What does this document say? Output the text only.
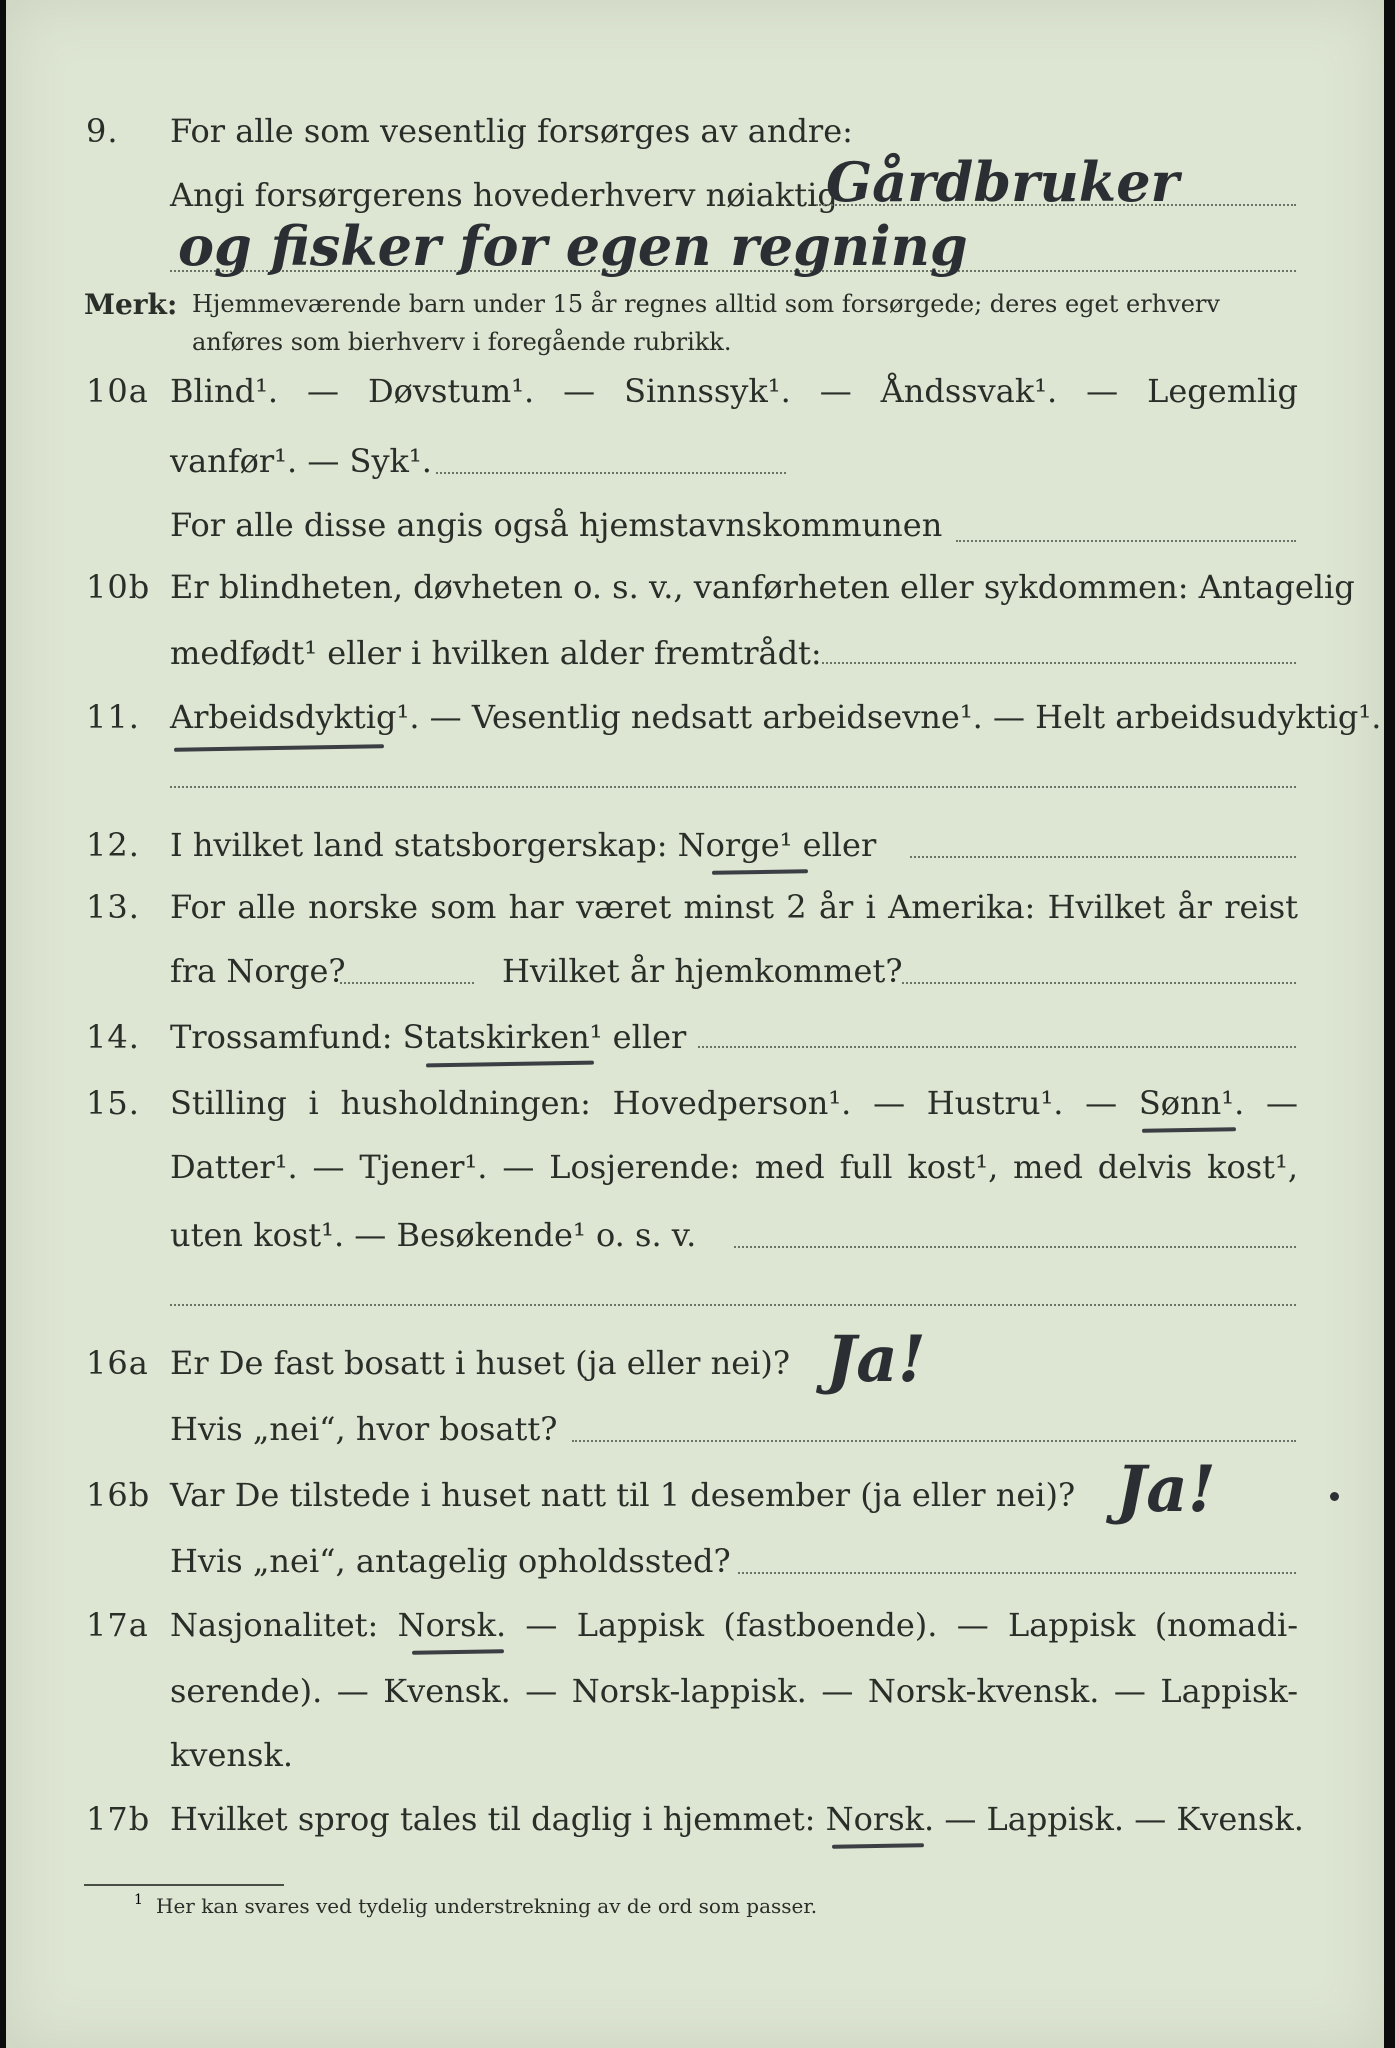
9. For alle som vesentlig forsørges av andre:
Angi forsørgerens hovederhverv nøiaktig
Gårdbruker
og fisker for egen regning
Merk: Hjemmeværende barn under 15 år regnes alltid som forsørgede; deres eget erhverv
anføres som bierhverv i foregående rubrikk.
10a Blind¹. — Døvstum¹. — Sinnssyk¹. — Åndssvak¹. — Legemlig
vanfør¹. — Syk¹.
For alle disse angis også hjemstavnskommunen
10b Er blindheten, døvheten o. s. v., vanførheten eller sykdommen: Antagelig
medfødt¹ eller i hvilken alder fremtrådt:
11. Arbeidsdyktig¹. — Vesentlig nedsatt arbeidsevne¹. — Helt arbeidsudyktig¹.
12. I hvilket land statsborgerskap: Norge¹ eller
13. For alle norske som har været minst 2 år i Amerika: Hvilket år reist
fra Norge?	Hvilket år hjemkommet?
14. Trossamfund: Statskirken¹ eller
15. Stilling i husholdningen: Hovedperson¹. — Hustru¹. — Sønn¹. —
Datter¹. — Tjener¹. — Losjerende: med full kost¹, med delvis kost¹,
uten kost¹. — Besøkende¹ o. s. v.
16a Er De fast bosatt i huset (ja eller nei)? Ja!
Hvis „nei“, hvor bosatt?
16b Var De tilstede i huset natt til 1 desember (ja eller nei)? Ja!
Hvis „nei“, antagelig opholdssted?
17a Nasjonalitet: Norsk. — Lappisk (fastboende). — Lappisk (nomadi-
serende). — Kvensk. — Norsk-lappisk. — Norsk-kvensk. — Lappisk-
kvensk.
17b Hvilket sprog tales til daglig i hjemmet: Norsk. — Lappisk. — Kvensk.
1 Her kan svares ved tydelig understrekning av de ord som passer.
